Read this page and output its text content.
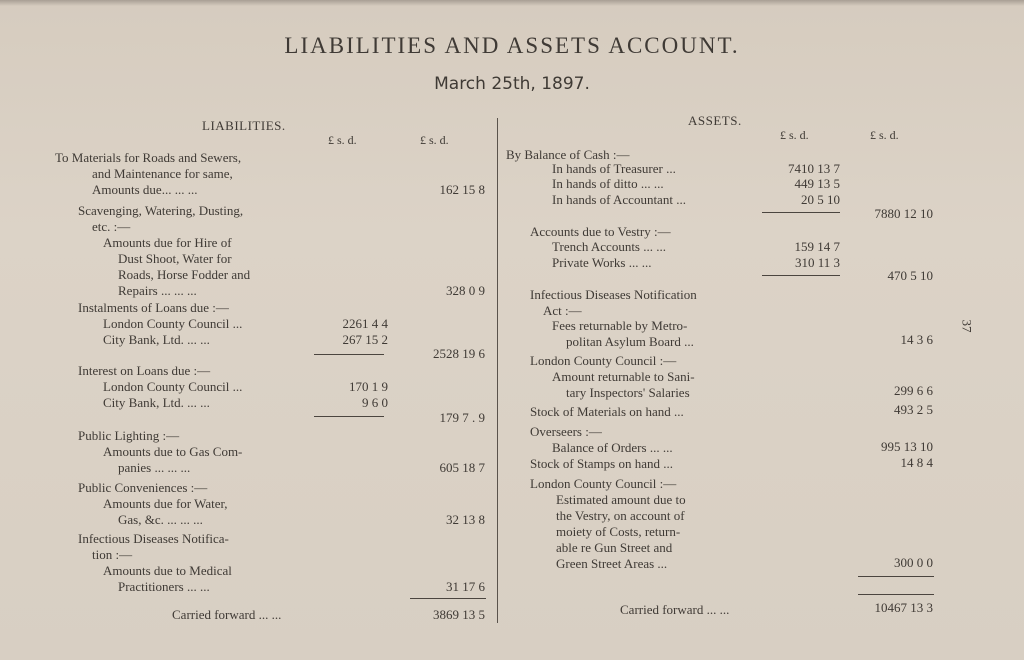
LIABILITIES AND ASSETS ACCOUNT.
March 25th, 1897.
37
LIABILITIES.
£ s. d.	£ s. d.
To Materials for Roads and Sewers,
and Maintenance for same,
Amounts due... ... ...
Scavenging, Watering, Dusting,
etc. :—
Amounts due for Hire of
Dust Shoot, Water for
Roads, Horse Fodder and
Repairs ... ... ...
Instalments of Loans due :—
London County Council ...
City Bank, Ltd. ... ...
Interest on Loans due :—
London County Council ...
City Bank, Ltd. ... ...
Public Lighting :—
Amounts due to Gas Com-
panies ... ... ...
Public Conveniences :—
Amounts due for Water,
Gas, &c. ... ... ...
Infectious Diseases Notifica-
tion :—
Amounts due to Medical
Practitioners ... ...
Carried forward ... ...
2261 4 4
267 15 2
170 1 9
9 6 0
162 15 8
328 0 9
2528 19 6
179 7 . 9
605 18 7
32 13 8
31 17 6
3869 13 5
ASSETS.
£ s. d.	£ s. d.
By Balance of Cash :—
In hands of Treasurer ...
In hands of ditto ... ...
In hands of Accountant ...
Accounts due to Vestry :—
Trench Accounts ... ...
Private Works ... ...
Infectious Diseases Notification
Act :—
Fees returnable by Metro-
politan Asylum Board ...
London County Council :—
Amount returnable to Sani-
tary Inspectors' Salaries
Stock of Materials on hand ...
Overseers :—
Balance of Orders ... ...
Stock of Stamps on hand ...
London County Council :—
Estimated amount due to
the Vestry, on account of
moiety of Costs, return-
able re Gun Street and
Green Street Areas ...
Carried forward ... ...
7410 13 7
449 13 5
20 5 10
159 14 7
310 11 3
7880 12 10
470 5 10
14 3 6
299 6 6
493 2 5
995 13 10
14 8 4
300 0 0
10467 13 3
